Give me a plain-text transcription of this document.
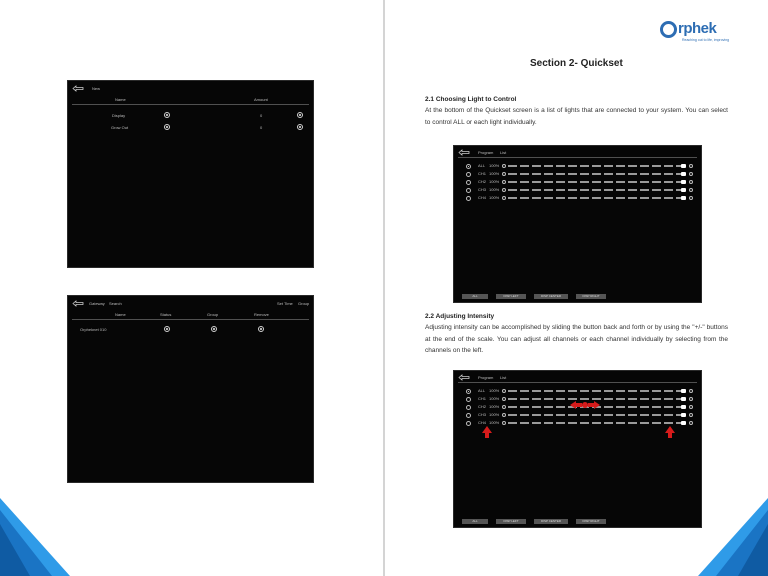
New
Name	Amount
Display	0
Grow Out	0
Gateway Search	Set Time Group
Name	Status	Group	Remove
Orpheknet 010
15
rphek
Reaching out to life, improving
Section 2- Quickset
2.1 Choosing Light to Control
At the bottom of the Quickset screen is a list of lights that are connected to your system. You can select to control ALL or each light individually.
Program List
ALL 100%
CH1 100%
CH2 100%
CH3 100%
CH4 100%
ALL	DISP LEFT	DISP CENTER	DISP RIGHT
2.2 Adjusting Intensity
Adjusting intensity can be accomplished by sliding the button back and forth or by using the "+/-" buttons at the end of the scale. You can adjust all channels or each channel individually by selecting from the channels on the left.
Program List
ALL 100%
CH1 100%
CH2 100%
CH3 100%
CH4 100%
ALL	DISP LEFT	DISP CENTER	DISP RIGHT
16
